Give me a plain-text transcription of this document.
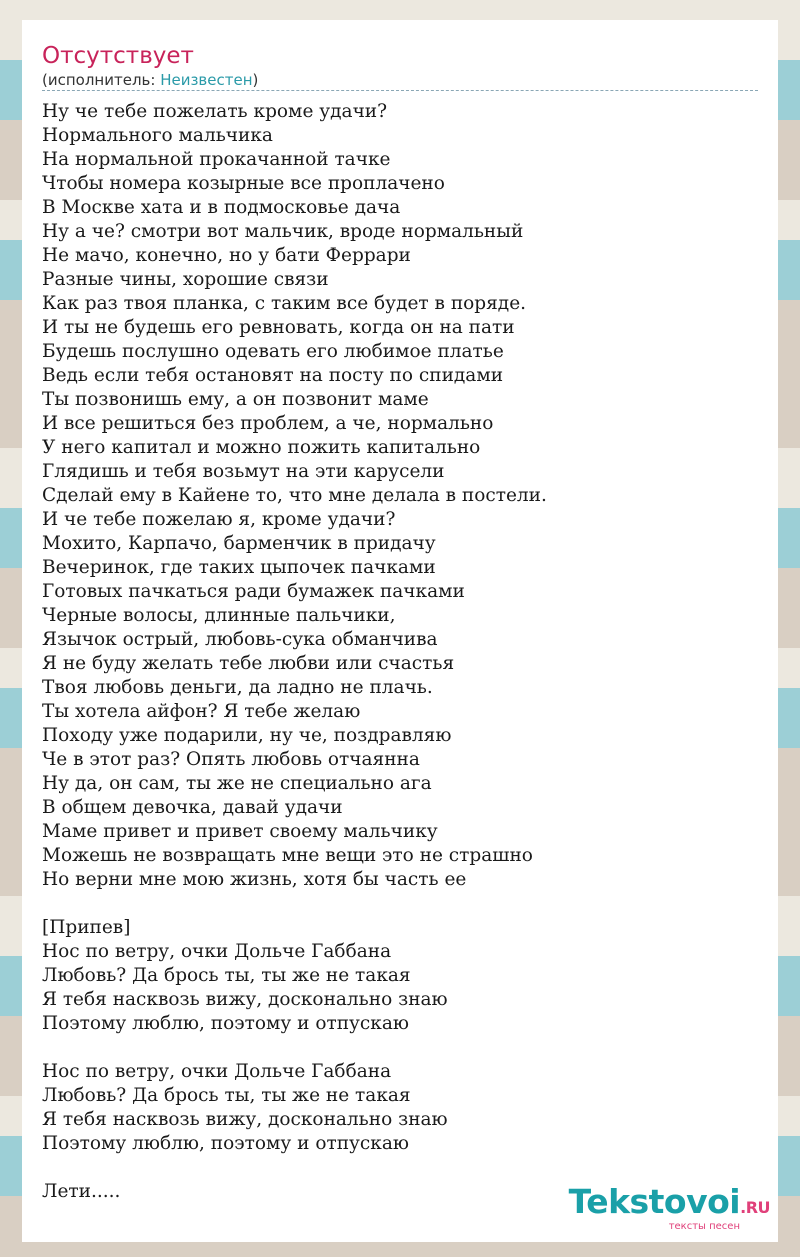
Отсутствует
(исполнитель: Неизвестен)
Ну че тебе пожелать кроме удачи?
Нормального мальчика
На нормальной прокачанной тачке
Чтобы номера козырные все проплачено
В Москве хата и в подмосковье дача
Ну а че? смотри вот мальчик, вроде нормальный
Не мачо, конечно, но у бати Феррари
Разные чины, хорошие связи
Как раз твоя планка, с таким все будет в поряде.
И ты не будешь его ревновать, когда он на пати
Будешь послушно одевать его любимое платье
Ведь если тебя остановят на посту по спидами
Ты позвонишь ему, а он позвонит маме
И все решиться без проблем, а че, нормально
У него капитал и можно пожить капитально
Глядишь и тебя возьмут на эти карусели
Сделай ему в Кайене то, что мне делала в постели.
И че тебе пожелаю я, кроме удачи?
Мохито, Карпачо, барменчик в придачу
Вечеринок, где таких цыпочек пачками
Готовых пачкаться ради бумажек пачками
Черные волосы, длинные пальчики,
Язычок острый, любовь-сука обманчива
Я не буду желать тебе любви или счастья
Твоя любовь деньги, да ладно не плачь.
Ты хотела айфон? Я тебе желаю
Походу уже подарили, ну че, поздравляю
Че в этот раз? Опять любовь отчаянна
Ну да, он сам, ты же не специально ага
В общем девочка, давай удачи
Маме привет и привет своему мальчику
Можешь не возвращать мне вещи это не страшно
Но верни мне мою жизнь, хотя бы часть ее
[Припев]
Нос по ветру, очки Дольче Габбана
Любовь? Да брось ты, ты же не такая
Я тебя насквозь вижу, досконально знаю
Поэтому люблю, поэтому и отпускаю
Нос по ветру, очки Дольче Габбана
Любовь? Да брось ты, ты же не такая
Я тебя насквозь вижу, досконально знаю
Поэтому люблю, поэтому и отпускаю
Лети.....	Tekstovoi.RU
тексты песен
